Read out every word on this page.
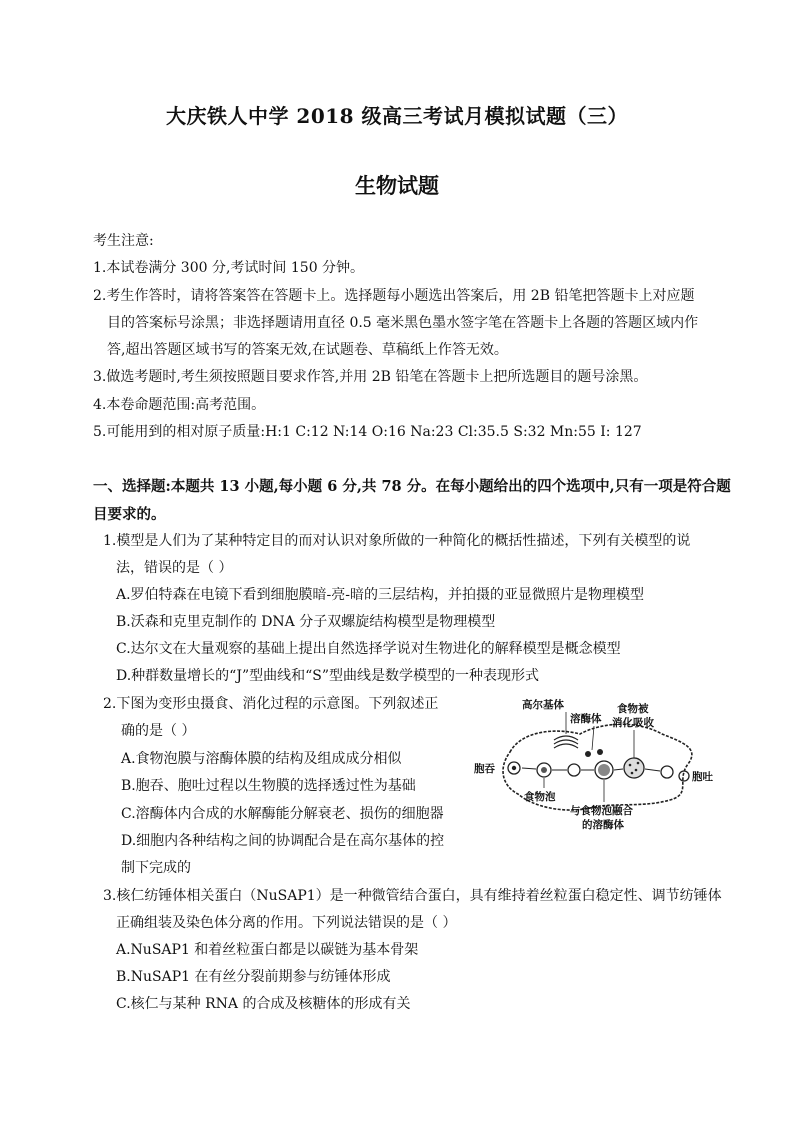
大庆铁人中学 2018 级高三考试月模拟试题（三）
生物试题
考生注意:
1.本试卷满分 300 分,考试时间 150 分钟。
2.考生作答时，请将答案答在答题卡上。选择题每小题选出答案后，用 2B 铅笔把答题卡上对应题
目的答案标号涂黑；非选择题请用直径 0.5 毫米黑色墨水签字笔在答题卡上各题的答题区域内作
答,超出答题区域书写的答案无效,在试题卷、草稿纸上作答无效。
3.做选考题时,考生须按照题目要求作答,并用 2B 铅笔在答题卡上把所选题目的题号涂黑。
4.本卷命题范围:高考范围。
5.可能用到的相对原子质量:H:1 C:12 N:14 O:16 Na:23 Cl:35.5 S:32 Mn:55 I: 127
一、选择题:本题共 13 小题,每小题 6 分,共 78 分。在每小题给出的四个选项中,只有一项是符合题
目要求的。
1.模型是人们为了某种特定目的而对认识对象所做的一种简化的概括性描述，下列有关模型的说
法，错误的是（ ）
A.罗伯特森在电镜下看到细胞膜暗-亮-暗的三层结构，并拍摄的亚显微照片是物理模型
B.沃森和克里克制作的 DNA 分子双螺旋结构模型是物理模型
C.达尔文在大量观察的基础上提出自然选择学说对生物进化的解释模型是概念模型
D.种群数量增长的“J”型曲线和“S”型曲线是数学模型的一种表现形式
2.下图为变形虫摄食、消化过程的示意图。下列叙述正
确的是（ ）
A.食物泡膜与溶酶体膜的结构及组成成分相似
B.胞吞、胞吐过程以生物膜的选择透过性为基础
C.溶酶体内合成的水解酶能分解衰老、损伤的细胞器
D.细胞内各种结构之间的协调配合是在高尔基体的控
制下完成的
高尔基体
溶酶体
食物被
消化吸收
胞吞
胞吐
食物泡
与食物泡融合
的溶酶体
3.核仁纺锤体相关蛋白（NuSAP1）是一种微管结合蛋白，具有维持着丝粒蛋白稳定性、调节纺锤体
正确组装及染色体分离的作用。下列说法错误的是（ ）
A.NuSAP1 和着丝粒蛋白都是以碳链为基本骨架
B.NuSAP1 在有丝分裂前期参与纺锤体形成
C.核仁与某种 RNA 的合成及核糖体的形成有关
